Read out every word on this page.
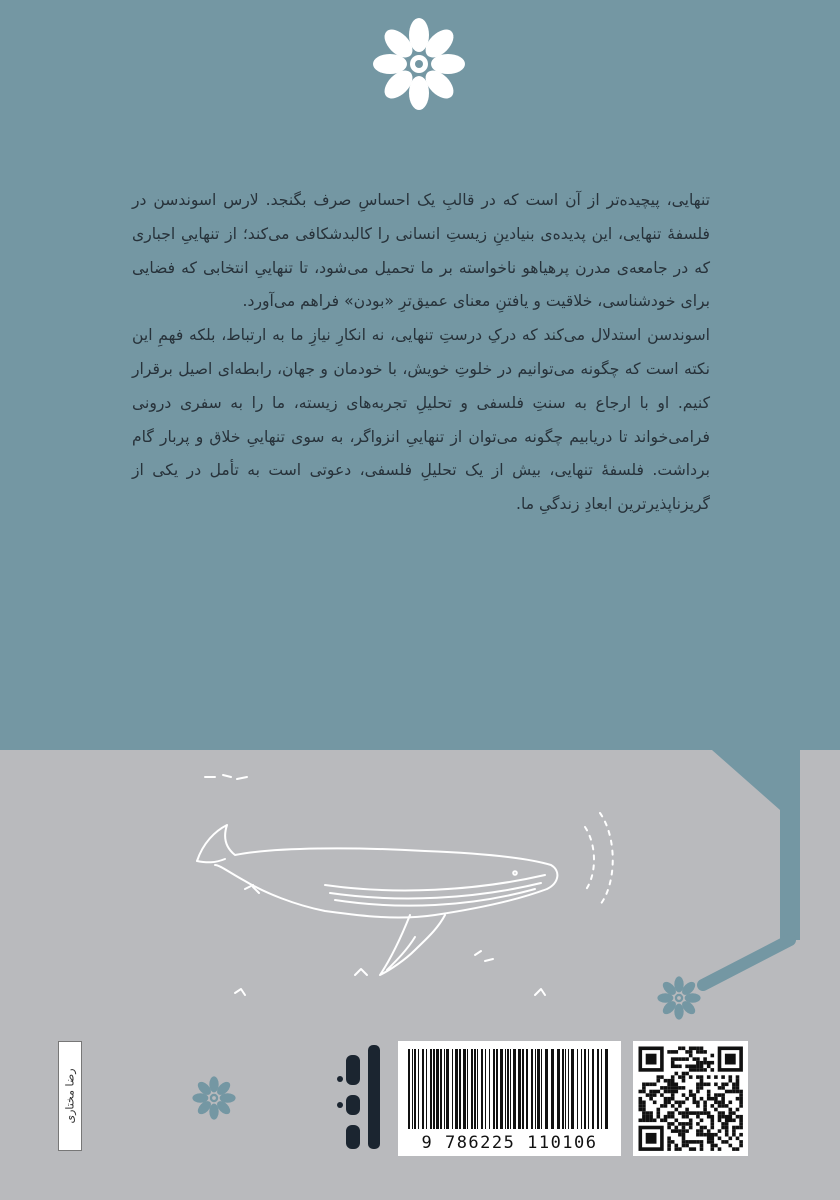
تنهایی، پیچیده‌تر از آن است که در قالبِ یک احساسِ صرف بگنجد. لارس اسوندسن در فلسفهٔ تنهایی، این پدیده‌ی بنیادینِ زیستِ انسانی را کالبدشکافی می‌کند؛ از تنهاییِ اجباری که در جامعه‌ی مدرن پرهیاهو ناخواسته بر ما تحمیل می‌شود، تا تنهاییِ انتخابی که فضایی برای خودشناسی، خلاقیت و یافتنِ معنای عمیق‌ترِ «بودن» فراهم می‌آورد.

اسوندسن استدلال می‌کند که درکِ درستِ تنهایی، نه انکارِ نیازِ ما به ارتباط، بلکه فهمِ این نکته است که چگونه می‌توانیم در خلوتِ خویش، با خودمان و جهان، رابطه‌ای اصیل برقرار کنیم. او با ارجاع به سنتِ فلسفی و تحلیلِ تجربه‌های زیسته، ما را به سفری درونی فرامی‌خواند تا دریابیم چگونه می‌توان از تنهاییِ انزواگر، به سوی تنهاییِ خلاق و پربار گام برداشت. فلسفهٔ تنهایی، بیش از یک تحلیلِ فلسفی، دعوتی است به تأمل در یکی از گریزناپذیرترین ابعادِ زندگیِ ما.

رضا مختاری
9 786225 110106
